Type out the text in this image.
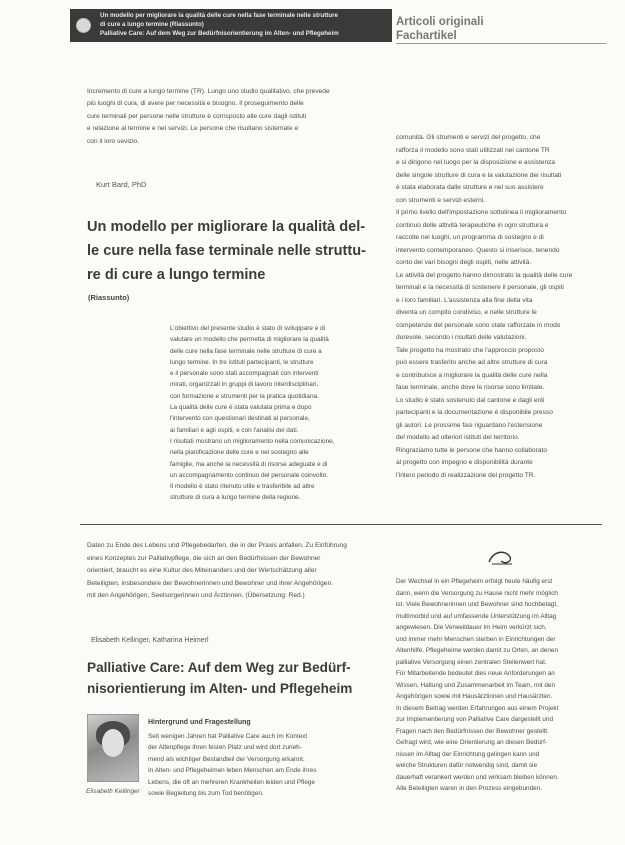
Un modello per migliorare la qualità delle cure nella fase terminale nelle strutture
di cure a lungo termine (Riassunto)
Palliative Care: Auf dem Weg zur Bedürfnisorientierung im Alten- und Pflegeheim
Articoli originali
Fachartikel
Incremento di cure a lungo termine (TR). Lungo uno studio qualitativo, che prevede
più luoghi di cura, di avere per necessità e bisogno. Il proseguimento delle
cure terminali per persone nelle strutture è corrisposto alle cure dagli istituti
e relazione al termine e nei servizi. Le persone che risultano sistemate e
con il loro sevizio.
comunità. Gli strumenti e servizi del progetto, che
rafforza il modello sono stati utilizzati nel cantone TR
e si dirigono nel luogo per la disposizione e assistenza
delle singole strutture di cura e la valutazione dei risultati
è stata elaborata dalle strutture e nel suo assistere
con strumenti e servizi esterni.
Il primo livello dell'impostazione sottolinea il miglioramento
continuo delle attività terapeutiche in ogni struttura e
raccolte nei luoghi, un programma di sostegno e di
intervento contemporaneo. Questo si inserisce, tenendo
conto dei vari bisogni degli ospiti, nelle attività.
Le attività del progetto hanno dimostrato la qualità delle cure
terminali e la necessità di sostenere il personale, gli ospiti
e i loro familiari. L'assistenza alla fine della vita
diventa un compito condiviso, e nelle strutture le
competenze del personale sono state rafforzate in modo
durevole, secondo i risultati delle valutazioni.
Tale progetto ha mostrato che l'approccio proposto
può essere trasferito anche ad altre strutture di cura
e contribuisce a migliorare la qualità delle cure nella
fase terminale, anche dove le risorse sono limitate.
Lo studio è stato sostenuto dal cantone e dagli enti
partecipanti e la documentazione è disponibile presso
gli autori. Le prossime fasi riguardano l'estensione
del modello ad ulteriori istituti del territorio.
Ringraziamo tutte le persone che hanno collaborato
al progetto con impegno e disponibilità durante
l'intero periodo di realizzazione del progetto TR.
Kurt Bard, PhD
Un modello per migliorare la qualità del-
le cure nella fase terminale nelle struttu-
re di cure a lungo termine
(Riassunto)
L'obiettivo del presente studio è stato di sviluppare e di
valutare un modello che permetta di migliorare la qualità
delle cure nella fase terminale nelle strutture di cure a
lungo termine. In tre istituti partecipanti, le strutture
e il personale sono stati accompagnati con interventi
mirati, organizzati in gruppi di lavoro interdisciplinari,
con formazione e strumenti per la pratica quotidiana.
La qualità delle cure è stata valutata prima e dopo
l'intervento con questionari destinati al personale,
ai familiari e agli ospiti, e con l'analisi dei dati.
I risultati mostrano un miglioramento nella comunicazione,
nella pianificazione delle cure e nel sostegno alle
famiglie, ma anche la necessità di risorse adeguate e di
un accompagnamento continuo del personale coinvolto.
Il modello è stato ritenuto utile e trasferibile ad altre
strutture di cura a lungo termine della regione.
Daten zu Ende des Lebens und Pflegebedarfen, die in der Praxis anfallen. Zu Einführung
eines Konzeptes zur Palliativpflege, die sich an den Bedürfnissen der Bewohner
orientiert, braucht es eine Kultur des Miteinanders und der Wertschätzung aller
Beteiligten, insbesondere der Bewohnerinnen und Bewohner und ihrer Angehörigen.
mit den Angehörigen, Seelsorgerinnen und Ärztinnen. (Übersetzung: Red.)
Elisabeth Kellinger, Katharina Heimerl
Palliative Care: Auf dem Weg zur Bedürf-
nisorientierung im Alten- und Pflegeheim
Elisabeth Kellinger
Hintergrund und Fragestellung
Seit wenigen Jahren hat Palliative Care auch im Kontext
der Altenpflege ihren festen Platz und wird dort zuneh-
mend als wichtiger Bestandteil der Versorgung erkannt.
In Alten- und Pflegeheimen leben Menschen am Ende ihres
Lebens, die oft an mehreren Krankheiten leiden und Pflege
sowie Begleitung bis zum Tod benötigen.
Der Wechsel in ein Pflegeheim erfolgt heute häufig erst
dann, wenn die Versorgung zu Hause nicht mehr möglich
ist. Viele Bewohnerinnen und Bewohner sind hochbetagt,
multimorbid und auf umfassende Unterstützung im Alltag
angewiesen. Die Verweildauer im Heim verkürzt sich,
und immer mehr Menschen sterben in Einrichtungen der
Altenhilfe. Pflegeheime werden damit zu Orten, an denen
palliative Versorgung einen zentralen Stellenwert hat.
Für Mitarbeitende bedeutet dies neue Anforderungen an
Wissen, Haltung und Zusammenarbeit im Team, mit den
Angehörigen sowie mit Hausärztinnen und Hausärzten.
In diesem Beitrag werden Erfahrungen aus einem Projekt
zur Implementierung von Palliative Care dargestellt und
Fragen nach den Bedürfnissen der Bewohner gestellt.
Gefragt wird, wie eine Orientierung an diesen Bedürf-
nissen im Alltag der Einrichtung gelingen kann und
welche Strukturen dafür notwendig sind, damit sie
dauerhaft verankert werden und wirksam bleiben können.
Alle Beteiligten waren in den Prozess eingebunden.
